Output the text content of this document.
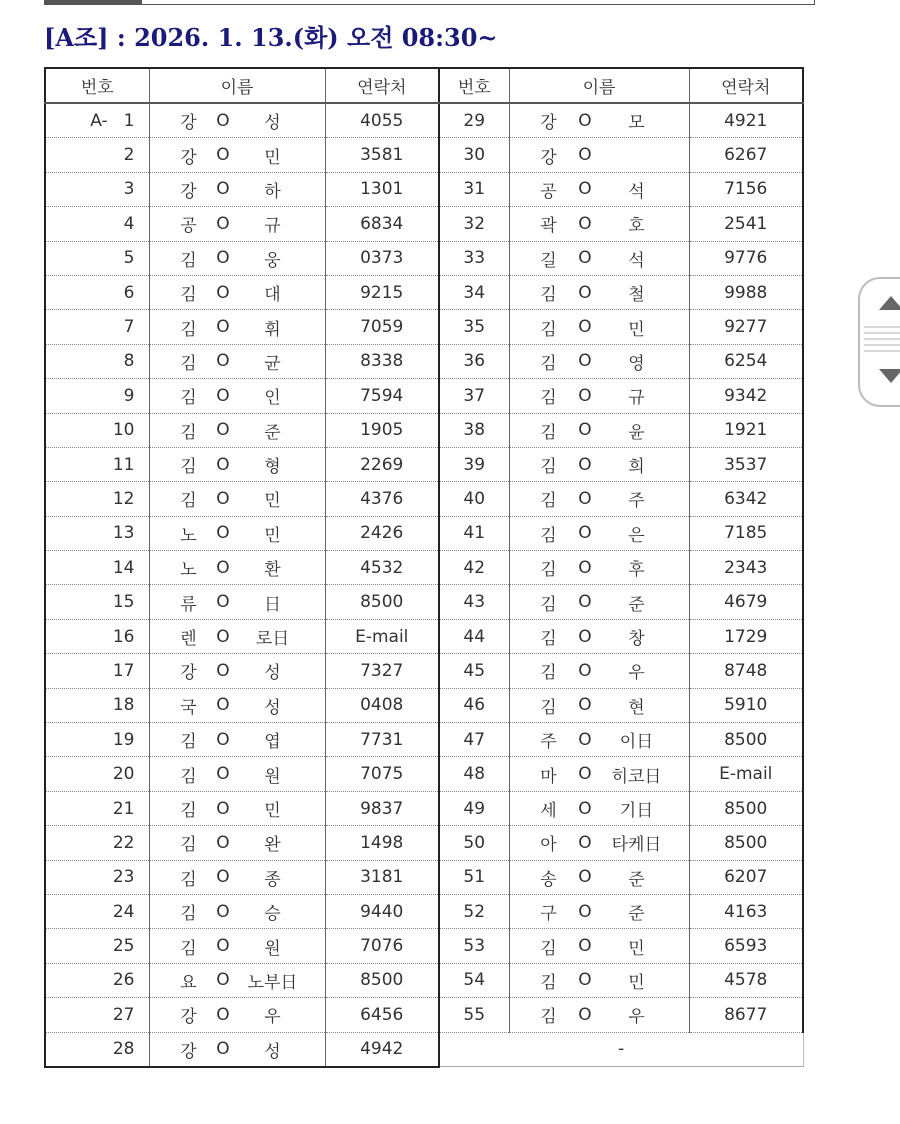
[A조] : 2026. 1. 13.(화) 오전 08:30~
번호	이름	연락처	번호	이름	연락처
A- 1	강 O 성	4055	29	강 O 모	4921
2	강 O 민	3581	30	강 O	6267
3	강 O 하	1301	31	공 O 석	7156
4	공 O 규	6834	32	곽 O 호	2541
5	김 O 웅	0373	33	길 O 석	9776
6	김 O 대	9215	34	김 O 철	9988
7	김 O 휘	7059	35	김 O 민	9277
8	김 O 균	8338	36	김 O 영	6254
9	김 O 인	7594	37	김 O 규	9342
10	김 O 준	1905	38	김 O 윤	1921
11	김 O 형	2269	39	김 O 희	3537
12	김 O 민	4376	40	김 O 주	6342
13	노 O 민	2426	41	김 O 은	7185
14	노 O 환	4532	42	김 O 후	2343
15	류 O 日	8500	43	김 O 준	4679
16	렌 O 로日	E-mail	44	김 O 창	1729
17	강 O 성	7327	45	김 O 우	8748
18	국 O 성	0408	46	김 O 현	5910
19	김 O 엽	7731	47	주 O 이日	8500
20	김 O 원	7075	48	마 O 히코日	E-mail
21	김 O 민	9837	49	세 O 기日	8500
22	김 O 완	1498	50	아 O 타케日	8500
23	김 O 종	3181	51	송 O 준	6207
24	김 O 승	9440	52	구 O 준	4163
25	김 O 원	7076	53	김 O 민	6593
26	요 O 노부日	8500	54	김 O 민	4578
27	강 O 우	6456	55	김 O 우	8677
28	강 O 성	4942	-		
